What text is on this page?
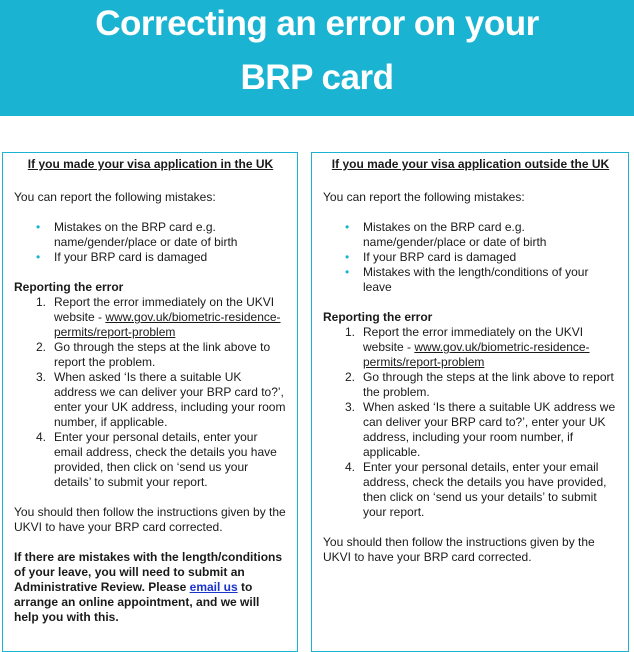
Correcting an error on your
BRP card
If you made your visa application in the UK

You can report the following mistakes:

• Mistakes on the BRP card e.g. name/gender/place or date of birth
• If your BRP card is damaged

Reporting the error

1. Report the error immediately on the UKVI website - www.gov.uk/biometric-residence-permits/report-problem
2. Go through the steps at the link above to report the problem.
3. When asked ‘Is there a suitable UK address we can deliver your BRP card to?’, enter your UK address, including your room number, if applicable.
4. Enter your personal details, enter your email address, check the details you have provided, then click on ‘send us your details’ to submit your report.

You should then follow the instructions given by the UKVI to have your BRP card corrected.

If there are mistakes with the length/conditions of your leave, you will need to submit an Administrative Review. Please email us to arrange an online appointment, and we will help you with this.

If you made your visa application outside the UK

You can report the following mistakes:

• Mistakes on the BRP card e.g. name/gender/place or date of birth
• If your BRP card is damaged
• Mistakes with the length/conditions of your leave

Reporting the error

1. Report the error immediately on the UKVI website - www.gov.uk/biometric-residence-permits/report-problem
2. Go through the steps at the link above to report the problem.
3. When asked ‘Is there a suitable UK address we can deliver your BRP card to?’, enter your UK address, including your room number, if applicable.
4. Enter your personal details, enter your email address, check the details you have provided, then click on ‘send us your details’ to submit your report.

You should then follow the instructions given by the UKVI to have your BRP card corrected.
